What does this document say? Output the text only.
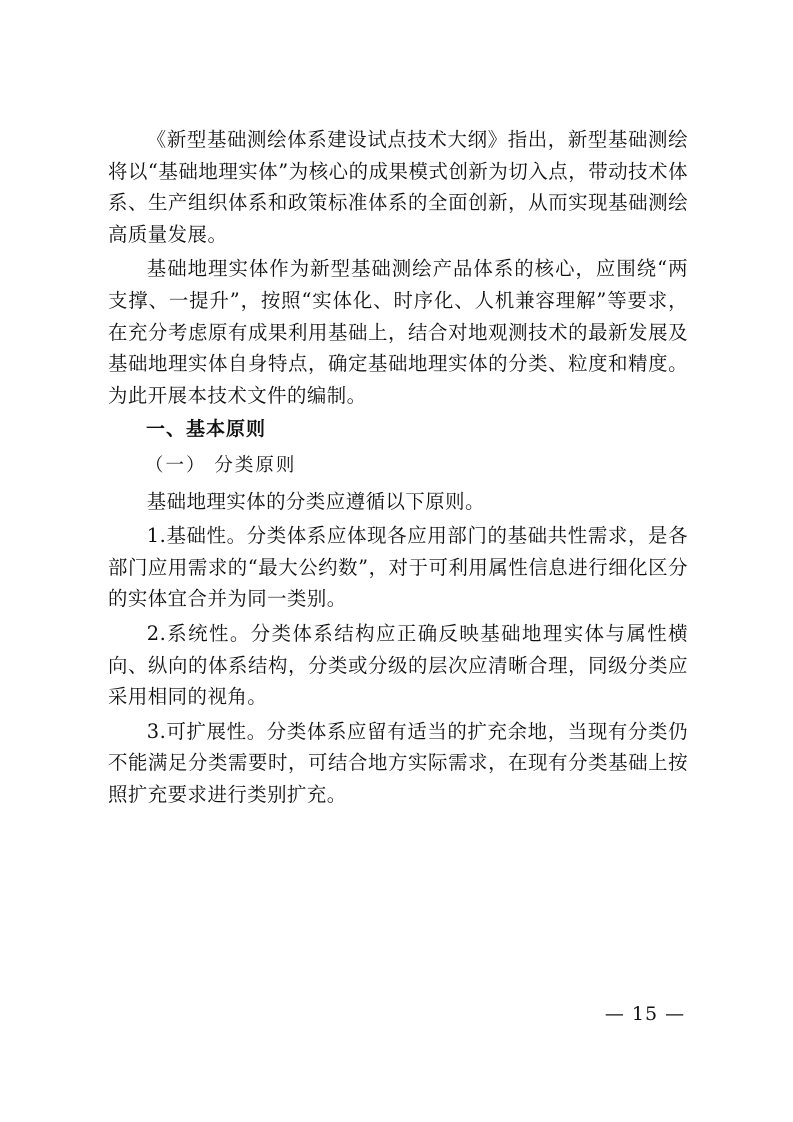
《新型基础测绘体系建设试点技术大纲》指出，新型基础测绘将以“基础地理实体”为核心的成果模式创新为切入点，带动技术体系、生产组织体系和政策标准体系的全面创新，从而实现基础测绘高质量发展。

基础地理实体作为新型基础测绘产品体系的核心，应围绕“两支撑、一提升”，按照“实体化、时序化、人机兼容理解”等要求，在充分考虑原有成果利用基础上，结合对地观测技术的最新发展及基础地理实体自身特点，确定基础地理实体的分类、粒度和精度。为此开展本技术文件的编制。

一、基本原则
（一） 分类原则

基础地理实体的分类应遵循以下原则。

1.基础性。分类体系应体现各应用部门的基础共性需求，是各部门应用需求的“最大公约数”，对于可利用属性信息进行细化区分的实体宜合并为同一类别。

2.系统性。分类体系结构应正确反映基础地理实体与属性横向、纵向的体系结构，分类或分级的层次应清晰合理，同级分类应采用相同的视角。

3.可扩展性。分类体系应留有适当的扩充余地，当现有分类仍不能满足分类需要时，可结合地方实际需求，在现有分类基础上按照扩充要求进行类别扩充。

— 15 —
